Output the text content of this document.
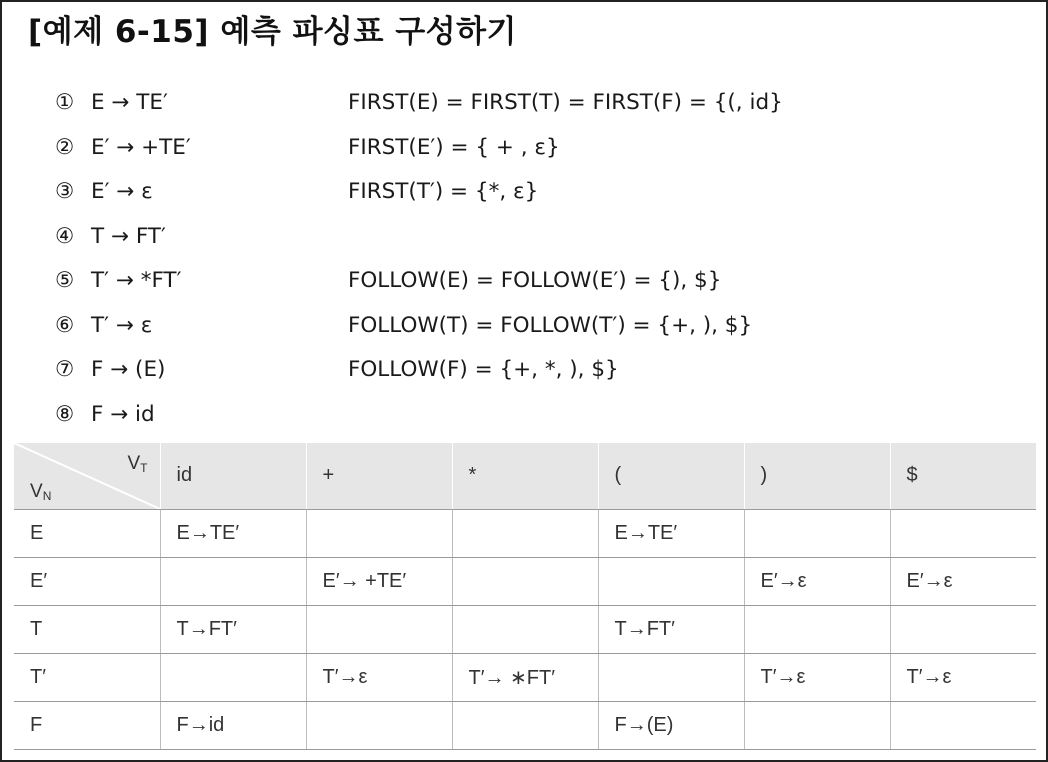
[예제 6-15] 예측 파싱표 구성하기
① E → TE′
② E′ → +TE′
③ E′ → ε
④ T → FT′
⑤ T′ → *FT′
⑥ T′ → ε
⑦ F → (E)
⑧ F → id
FIRST(E) = FIRST(T) = FIRST(F) = {(, id}
FIRST(E′) = { + , ε}
FIRST(T′) = {*, ε}
FOLLOW(E) = FOLLOW(E′) = {), $}
FOLLOW(T) = FOLLOW(T′) = {+, ), $}
FOLLOW(F) = {+, *, ), $}
$V_T$
$V_N$	id	+	*	(	)	$
E	E→TE′			E→TE′		
E′		E′→ +TE′			E′→ε	E′→ε
T	T→FT′			T→FT′		
T′		T′→ε	T′→ ∗FT′		T′→ε	T′→ε
F	F→id			F→(E)		
